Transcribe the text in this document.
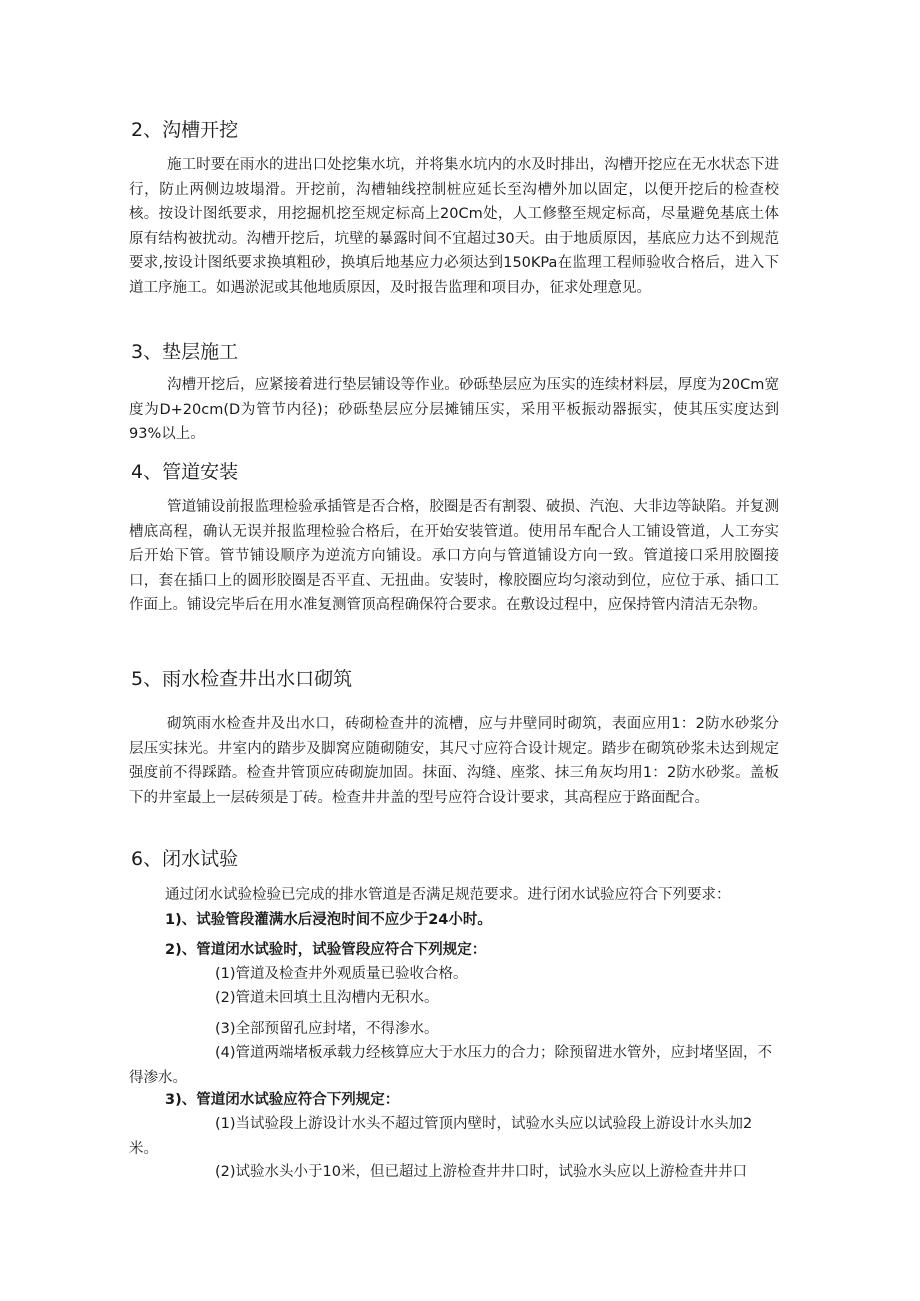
2、沟槽开挖

施工时要在雨水的进出口处挖集水坑，并将集水坑内的水及时排出，沟槽开挖应在无水状态下进行，防止两侧边坡塌滑。开挖前，沟槽轴线控制桩应延长至沟槽外加以固定，以便开挖后的检查校核。按设计图纸要求，用挖掘机挖至规定标高上20Cm处，人工修整至规定标高，尽量避免基底土体原有结构被扰动。沟槽开挖后，坑壁的暴露时间不宜超过30天。由于地质原因，基底应力达不到规范要求,按设计图纸要求换填粗砂，换填后地基应力必须达到150KPa在监理工程师验收合格后，进入下道工序施工。如遇淤泥或其他地质原因，及时报告监理和项目办，征求处理意见。

3、垫层施工

沟槽开挖后，应紧接着进行垫层铺设等作业。砂砾垫层应为压实的连续材料层，厚度为20Cm宽度为D+20cm(D为管节内径)；砂砾垫层应分层摊铺压实，采用平板振动器振实，使其压实度达到93%以上。

4、管道安装

管道铺设前报监理检验承插管是否合格，胶圈是否有割裂、破损、汽泡、大非边等缺陷。并复测槽底高程，确认无误并报监理检验合格后，在开始安装管道。使用吊车配合人工铺设管道，人工夯实后开始下管。管节铺设顺序为逆流方向铺设。承口方向与管道铺设方向一致。管道接口采用胶圈接口，套在插口上的圆形胶圈是否平直、无扭曲。安装时，橡胶圈应均匀滚动到位，应位于承、插口工作面上。铺设完毕后在用水准复测管顶高程确保符合要求。在敷设过程中，应保持管内清洁无杂物。

5、雨水检查井出水口砌筑

砌筑雨水检查井及出水口，砖砌检查井的流槽，应与井壁同时砌筑，表面应用1：2防水砂浆分层压实抹光。井室内的踏步及脚窝应随砌随安，其尺寸应符合设计规定。踏步在砌筑砂浆未达到规定强度前不得踩踏。检查井管顶应砖砌旋加固。抹面、沟缝、座浆、抹三角灰均用1：2防水砂浆。盖板下的井室最上一层砖须是丁砖。检查井井盖的型号应符合设计要求，其高程应于路面配合。

6、闭水试验

通过闭水试验检验已完成的排水管道是否满足规范要求。进行闭水试验应符合下列要求：

1)、试验管段灌满水后浸泡时间不应少于24小时。

2)、管道闭水试验时，试验管段应符合下列规定：

(1)管道及检查井外观质量已验收合格。

(2)管道未回填土且沟槽内无积水。

(3)全部预留孔应封堵，不得渗水。

(4)管道两端堵板承载力经核算应大于水压力的合力；除预留进水管外，应封堵坚固，不得渗水。

3)、管道闭水试验应符合下列规定：

(1)当试验段上游设计水头不超过管顶内壁时，试验水头应以试验段上游设计水头加2米。

(2)试验水头小于10米，但已超过上游检查井井口时，试验水头应以上游检查井井口
